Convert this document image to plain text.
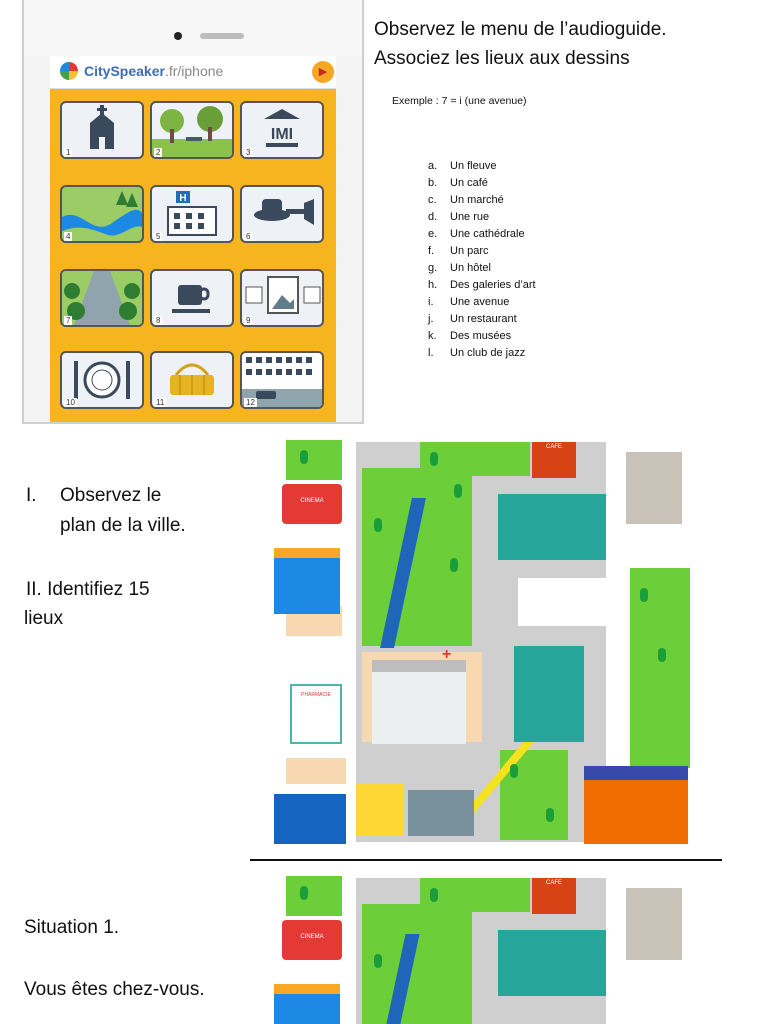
CitySpeaker.fr/iphone	▶
1	2
IMI
3
4
H
5	6
7	8	9
10	11	12
Observez le menu de l’audioguide.
Associez les lieux aux dessins
Exemple : 7 = i (une avenue)
a. Un fleuve
b. Un café
c. Un marché
d. Une rue
e. Une cathédrale
f. Un parc
g. Un hôtel
h. Des galeries d’art
i. Une avenue
j. Un restaurant
k. Des musées
l. Un club de jazz
I. Observez le
plan de la ville.
II. Identifiez 15
lieux
CINEMA
CAFE
+
PHARMACIE
Situation 1.
Vous êtes chez-vous.
CINEMA
CAFE
